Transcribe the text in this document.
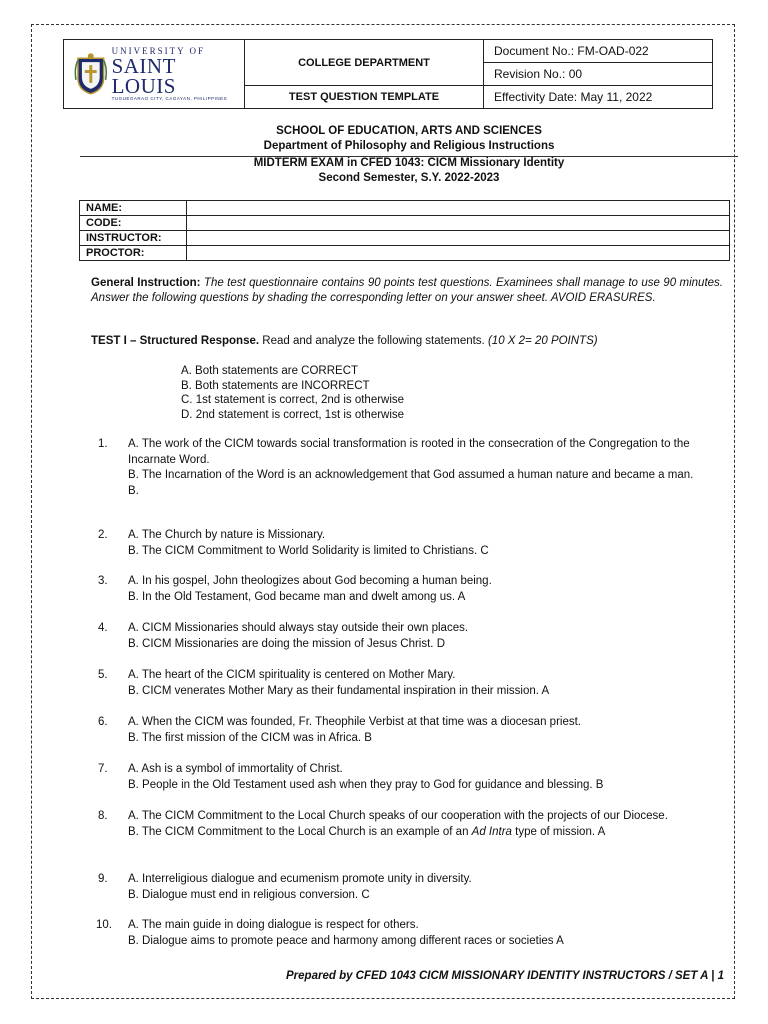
UNIVERSITY OF
SAINT LOUIS
TUGUEGARAO CITY, CAGAYAN, PHILIPPINES
COLLEGE DEPARTMENT
TEST QUESTION TEMPLATE
Document No.: FM-OAD-022
Revision No.: 00
Effectivity Date: May 11, 2022
SCHOOL OF EDUCATION, ARTS AND SCIENCES
Department of Philosophy and Religious Instructions
MIDTERM EXAM in CFED 1043: CICM Missionary Identity
Second Semester, S.Y. 2022-2023
NAME:	
CODE:	
INSTRUCTOR:	
PROCTOR:	
General Instruction: The test questionnaire contains 90 points test questions. Examinees shall manage to use 90 minutes. Answer the following questions by shading the corresponding letter on your answer sheet. AVOID ERASURES.
TEST I – Structured Response. Read and analyze the following statements. (10 X 2= 20 POINTS)
A. Both statements are CORRECT
B. Both statements are INCORRECT
C. 1st statement is correct, 2nd is otherwise
D. 2nd statement is correct, 1st is otherwise
1. A. The work of the CICM towards social transformation is rooted in the consecration of the Congregation to the Incarnate Word.
B. The Incarnation of the Word is an acknowledgement that God assumed a human nature and became a man.
B.
2. A. The Church by nature is Missionary.
B. The CICM Commitment to World Solidarity is limited to Christians. C
3. A. In his gospel, John theologizes about God becoming a human being.
B. In the Old Testament, God became man and dwelt among us. A
4. A. CICM Missionaries should always stay outside their own places.
B. CICM Missionaries are doing the mission of Jesus Christ. D
5. A. The heart of the CICM spirituality is centered on Mother Mary.
B. CICM venerates Mother Mary as their fundamental inspiration in their mission. A
6. A. When the CICM was founded, Fr. Theophile Verbist at that time was a diocesan priest.
B. The first mission of the CICM was in Africa. B
7. A. Ash is a symbol of immortality of Christ.
B. People in the Old Testament used ash when they pray to God for guidance and blessing. B
8. A. The CICM Commitment to the Local Church speaks of our cooperation with the projects of our Diocese.
B. The CICM Commitment to the Local Church is an example of an Ad Intra type of mission. A
9. A. Interreligious dialogue and ecumenism promote unity in diversity.
B. Dialogue must end in religious conversion. C
10. A. The main guide in doing dialogue is respect for others.
B. Dialogue aims to promote peace and harmony among different races or societies A
Prepared by CFED 1043 CICM MISSIONARY IDENTITY INSTRUCTORS / SET A | 1
